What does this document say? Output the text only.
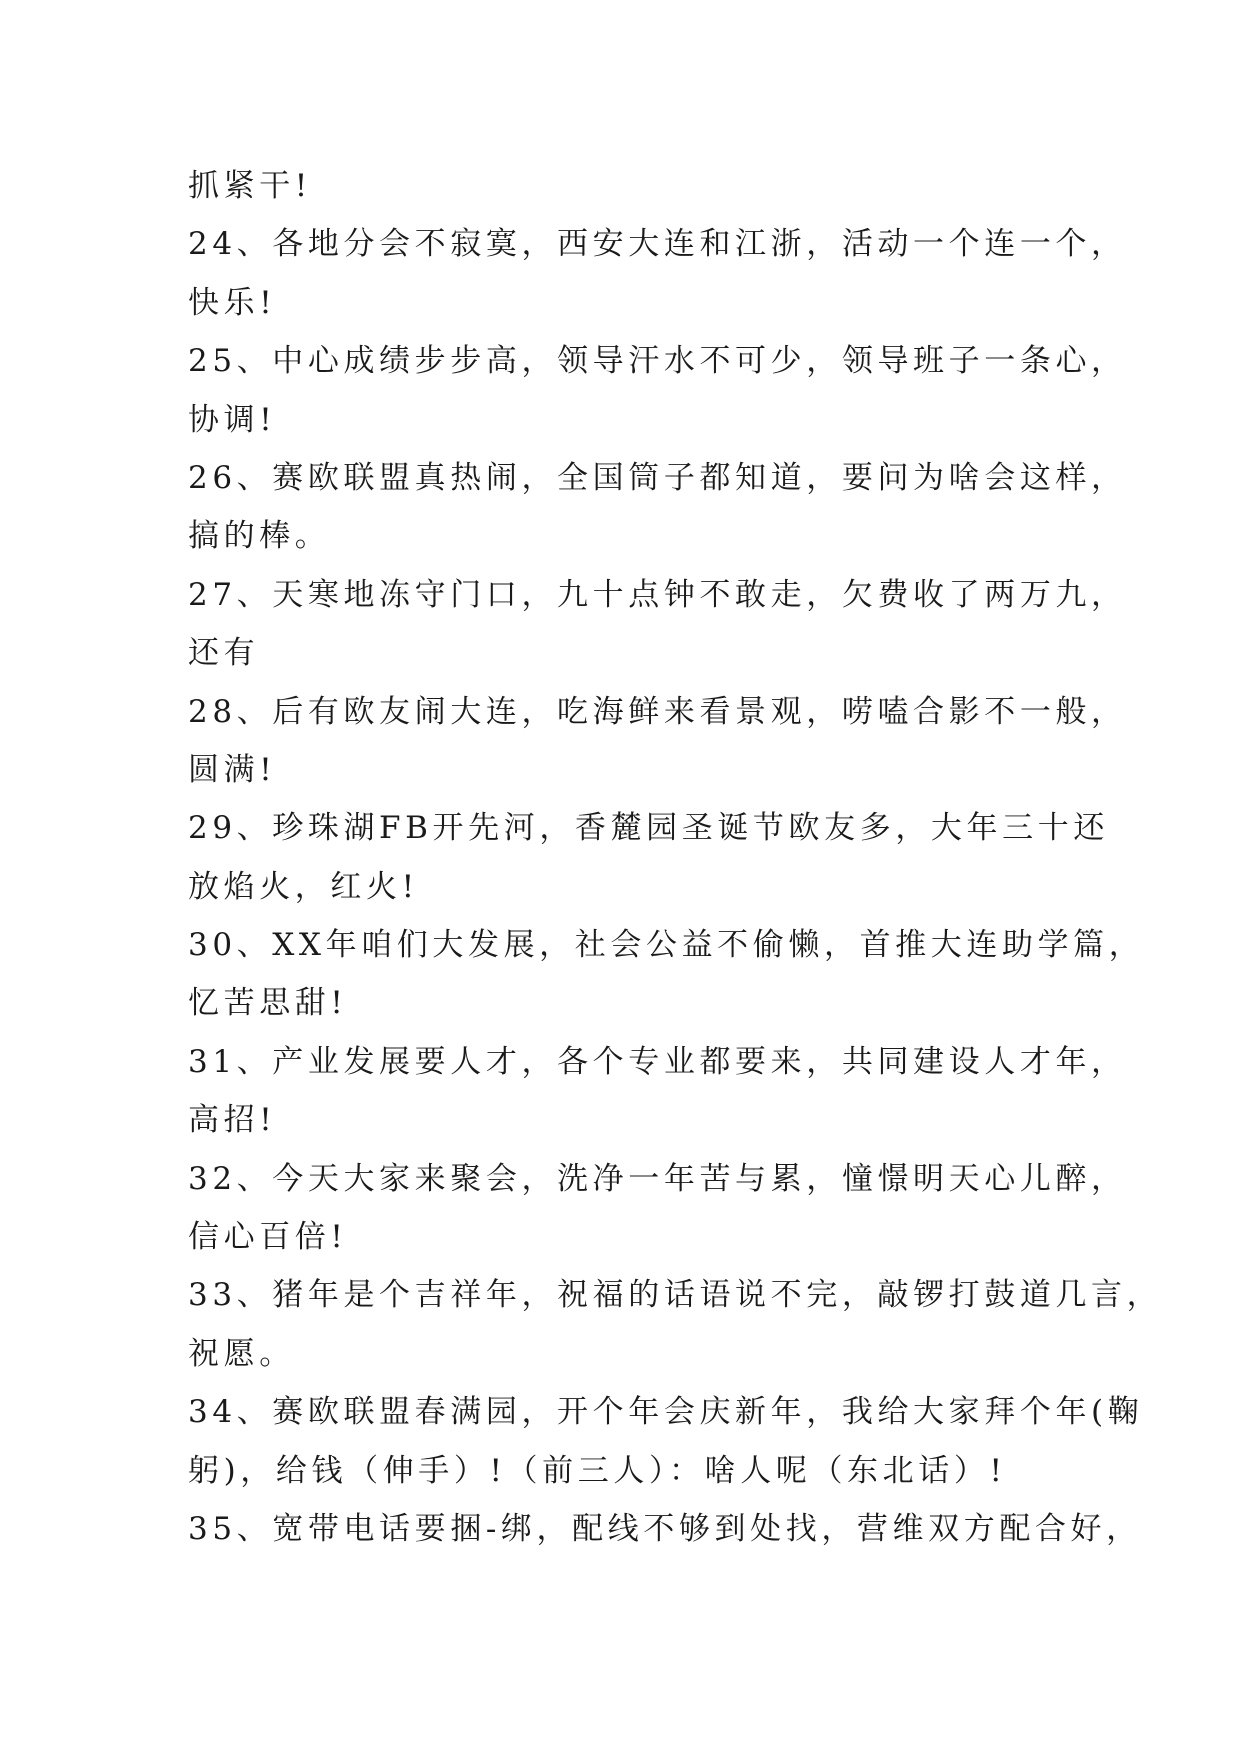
抓紧干!
24、各地分会不寂寞，西安大连和江浙，活动一个连一个，
快乐!
25、中心成绩步步高，领导汗水不可少，领导班子一条心，
协调!
26、赛欧联盟真热闹，全国筒子都知道，要问为啥会这样，
搞的棒。
27、天寒地冻守门口，九十点钟不敢走，欠费收了两万九，
还有
28、后有欧友闹大连，吃海鲜来看景观，唠嗑合影不一般，
圆满!
29、珍珠湖FB开先河，香麓园圣诞节欧友多，大年三十还
放焰火，红火!
30、XX年咱们大发展，社会公益不偷懒，首推大连助学篇，
忆苦思甜!
31、产业发展要人才，各个专业都要来，共同建设人才年，
高招!
32、今天大家来聚会，洗净一年苦与累，憧憬明天心儿醉，
信心百倍!
33、猪年是个吉祥年，祝福的话语说不完，敲锣打鼓道几言，
祝愿。
34、赛欧联盟春满园，开个年会庆新年，我给大家拜个年(鞠
躬)，给钱（伸手）!（前三人）：啥人呢（东北话）!
35、宽带电话要捆-绑，配线不够到处找，营维双方配合好，
